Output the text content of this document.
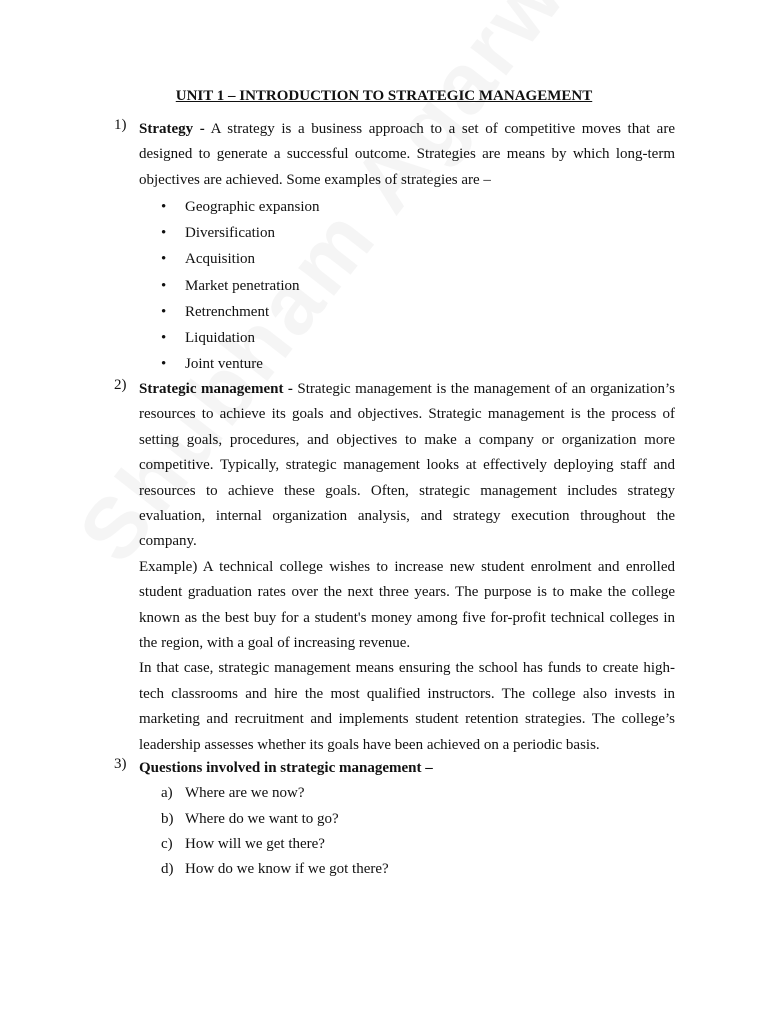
UNIT 1 – INTRODUCTION TO STRATEGIC MANAGEMENT
1) Strategy - A strategy is a business approach to a set of competitive moves that are designed to generate a successful outcome. Strategies are means by which long-term objectives are achieved. Some examples of strategies are –

• Geographic expansion
• Diversification
• Acquisition
• Market penetration
• Retrenchment
• Liquidation
• Joint venture
2) Strategic management - Strategic management is the management of an organization’s resources to achieve its goals and objectives. Strategic management is the process of setting goals, procedures, and objectives to make a company or organization more competitive. Typically, strategic management looks at effectively deploying staff and resources to achieve these goals. Often, strategic management includes strategy evaluation, internal organization analysis, and strategy execution throughout the company.

Example) A technical college wishes to increase new student enrolment and enrolled student graduation rates over the next three years. The purpose is to make the college known as the best buy for a student's money among five for-profit technical colleges in the region, with a goal of increasing revenue.

In that case, strategic management means ensuring the school has funds to create high-tech classrooms and hire the most qualified instructors. The college also invests in marketing and recruitment and implements student retention strategies. The college’s leadership assesses whether its goals have been achieved on a periodic basis.

3) Questions involved in strategic management –

a) Where are we now?
b) Where do we want to go?
c) How will we get there?
d) How do we know if we got there?
